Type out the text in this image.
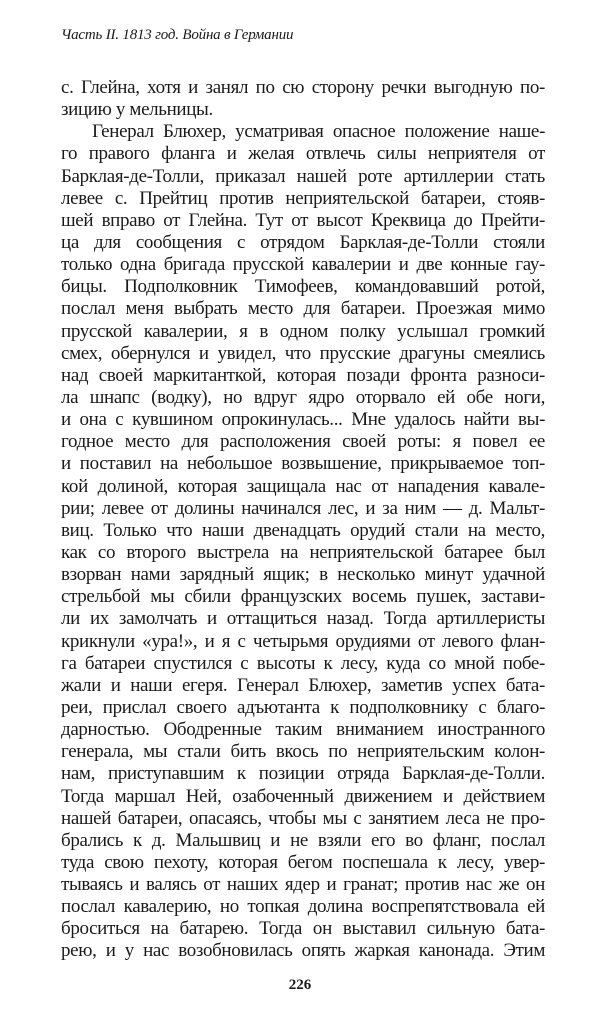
Часть II. 1813 год. Война в Германии
с. Глейна, хотя и занял по сю сторону речки выгодную по-
зицию у мельницы.
Генерал Блюхер, усматривая опасное положение наше-
го правого фланга и желая отвлечь силы неприятеля от
Барклая-де-Толли, приказал нашей роте артиллерии стать
левее с. Прейтиц против неприятельской батареи, стояв-
шей вправо от Глейна. Тут от высот Креквица до Прейти-
ца для сообщения с отрядом Барклая-де-Толли стояли
только одна бригада прусской кавалерии и две конные гау-
бицы. Подполковник Тимофеев, командовавший ротой,
послал меня выбрать место для батареи. Проезжая мимо
прусской кавалерии, я в одном полку услышал громкий
смех, обернулся и увидел, что прусские драгуны смеялись
над своей маркитанткой, которая позади фронта разноси-
ла шнапс (водку), но вдруг ядро оторвало ей обе ноги,
и она с кувшином опрокинулась... Мне удалось найти вы-
годное место для расположения своей роты: я повел ее
и поставил на небольшое возвышение, прикрываемое топ-
кой долиной, которая защищала нас от нападения кавале-
рии; левее от долины начинался лес, и за ним — д. Мальт-
виц. Только что наши двенадцать орудий стали на место,
как со второго выстрела на неприятельской батарее был
взорван нами зарядный ящик; в несколько минут удачной
стрельбой мы сбили французских восемь пушек, застави-
ли их замолчать и оттащиться назад. Тогда артиллеристы
крикнули «ура!», и я с четырьмя орудиями от левого флан-
га батареи спустился с высоты к лесу, куда со мной побе-
жали и наши егеря. Генерал Блюхер, заметив успех бата-
реи, прислал своего адъютанта к подполковнику с благо-
дарностью. Ободренные таким вниманием иностранного
генерала, мы стали бить вкось по неприятельским колон-
нам, приступавшим к позиции отряда Барклая-де-Толли.
Тогда маршал Ней, озабоченный движением и действием
нашей батареи, опасаясь, чтобы мы с занятием леса не про-
брались к д. Мальшвиц и не взяли его во фланг, послал
туда свою пехоту, которая бегом поспешала к лесу, увер-
тываясь и валясь от наших ядер и гранат; против нас же он
послал кавалерию, но топкая долина воспрепятствовала ей
броситься на батарею. Тогда он выставил сильную бата-
рею, и у нас возобновилась опять жаркая канонада. Этим
226
